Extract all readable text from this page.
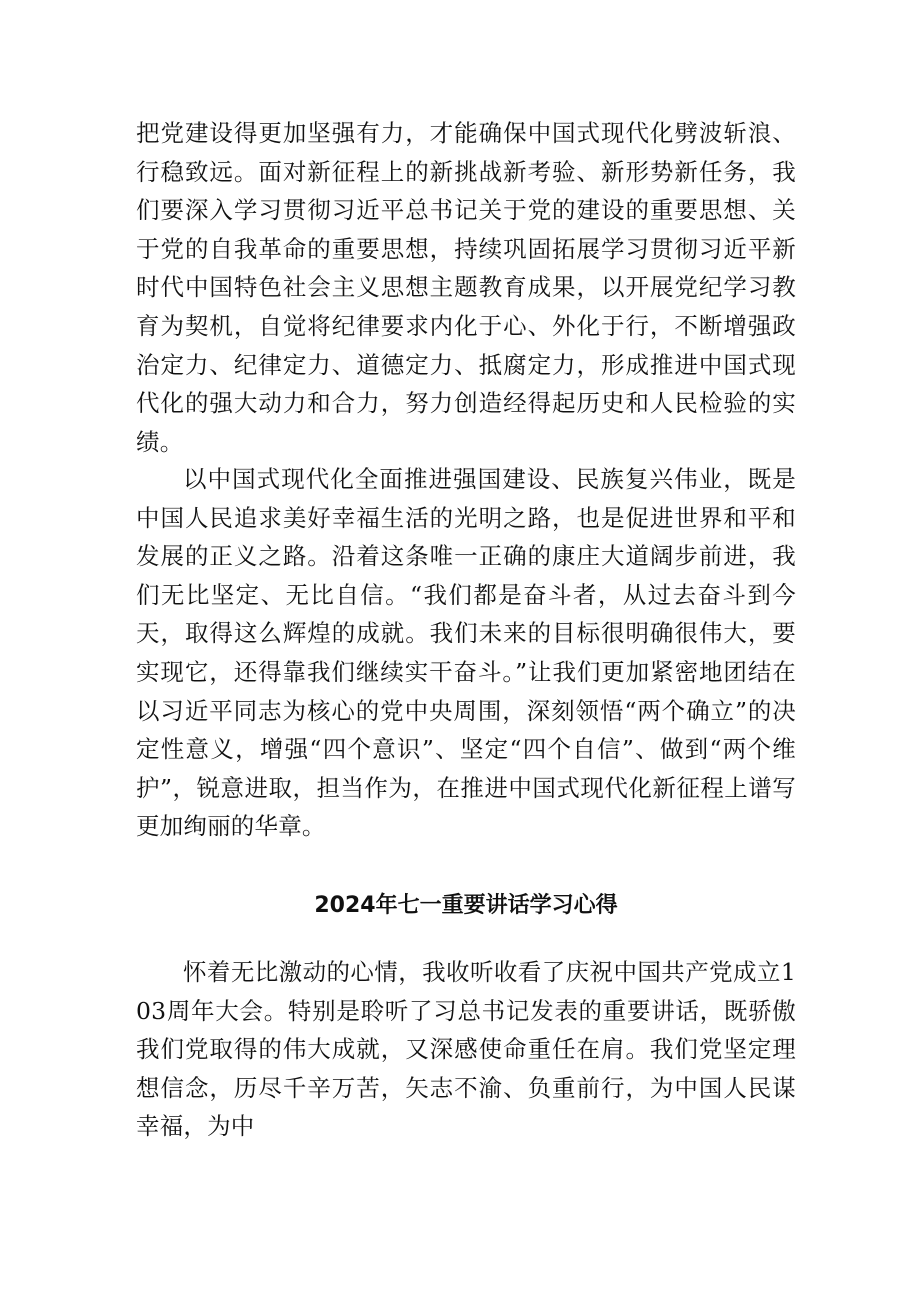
把党建设得更加坚强有力，才能确保中国式现代化劈波斩浪、行稳致远。面对新征程上的新挑战新考验、新形势新任务，我们要深入学习贯彻习近平总书记关于党的建设的重要思想、关于党的自我革命的重要思想，持续巩固拓展学习贯彻习近平新时代中国特色社会主义思想主题教育成果，以开展党纪学习教育为契机，自觉将纪律要求内化于心、外化于行，不断增强政治定力、纪律定力、道德定力、抵腐定力，形成推进中国式现代化的强大动力和合力，努力创造经得起历史和人民检验的实绩。

以中国式现代化全面推进强国建设、民族复兴伟业，既是中国人民追求美好幸福生活的光明之路，也是促进世界和平和发展的正义之路。沿着这条唯一正确的康庄大道阔步前进，我们无比坚定、无比自信。“我们都是奋斗者，从过去奋斗到今天，取得这么辉煌的成就。我们未来的目标很明确很伟大，要实现它，还得靠我们继续实干奋斗。”让我们更加紧密地团结在以习近平同志为核心的党中央周围，深刻领悟“两个确立”的决定性意义，增强“四个意识”、坚定“四个自信”、做到“两个维护”，锐意进取，担当作为，在推进中国式现代化新征程上谱写更加绚丽的华章。

2024年七一重要讲话学习心得

怀着无比激动的心情，我收听收看了庆祝中国共产党成立103周年大会。特别是聆听了习总书记发表的重要讲话，既骄傲我们党取得的伟大成就，又深感使命重任在肩。我们党坚定理想信念，历尽千辛万苦，矢志不渝、负重前行，为中国人民谋幸福，为中
